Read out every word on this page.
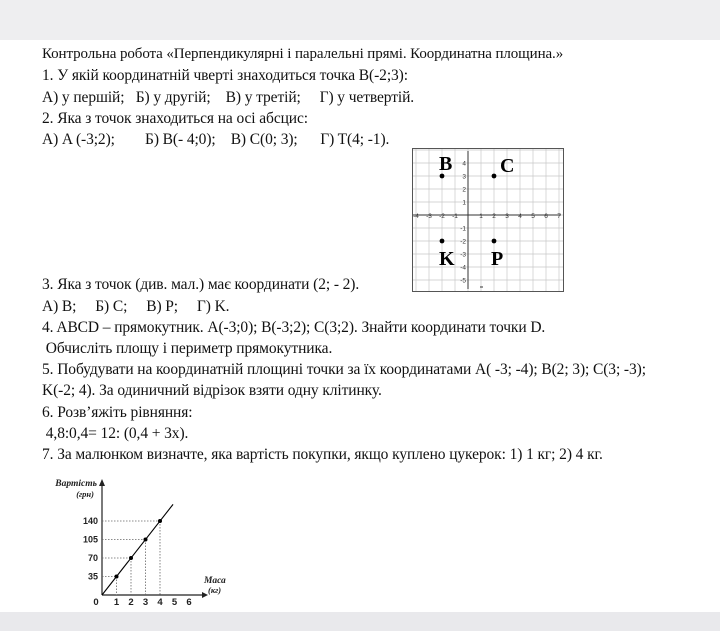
Контрольна робота «Перпендикулярні і паралельні прямі. Координатна площина.»
1. У якій координатній чверті знаходиться точка B(-2;3):
А) у першій;   Б) у другій;    В) у третій;     Г) у четвертій.
2. Яка з точок знаходиться на осі абсцис:
А) A (-3;2);        Б) B(- 4;0);    В) C(0; 3);      Г) T(4; -1).
3. Яка з точок (див. мал.) має координати (2; - 2).
А) B;     Б) C;     В) P;     Г) K.
4. ABCD – прямокутник. A(-3;0); B(-3;2); C(3;2). Знайти координати точки D.
Обчисліть площу і периметр прямокутника.
5. Побудувати на координатній площині точки за їх координатами A( -3; -4); B(2; 3); C(3; -3);
K(-2; 4). За одиничний відрізок взяти одну клітинку.
6. Розв’яжіть рівняння:
4,8:0,4= 12: (0,4 + 3x).
7. За малюнком визначте, яка вартість покупки, якщо куплено цукерок: 1) 1 кг; 2) 4 кг.
-4 -3 -2 -1	1 2 3 4 5 6 7
4
3
2
1
-1
-2
-3
-4
-5
B C
K P
0 1 2 3 4 5 6
35
70
105
140
Вартість
(грн)
Маса
(кг)
